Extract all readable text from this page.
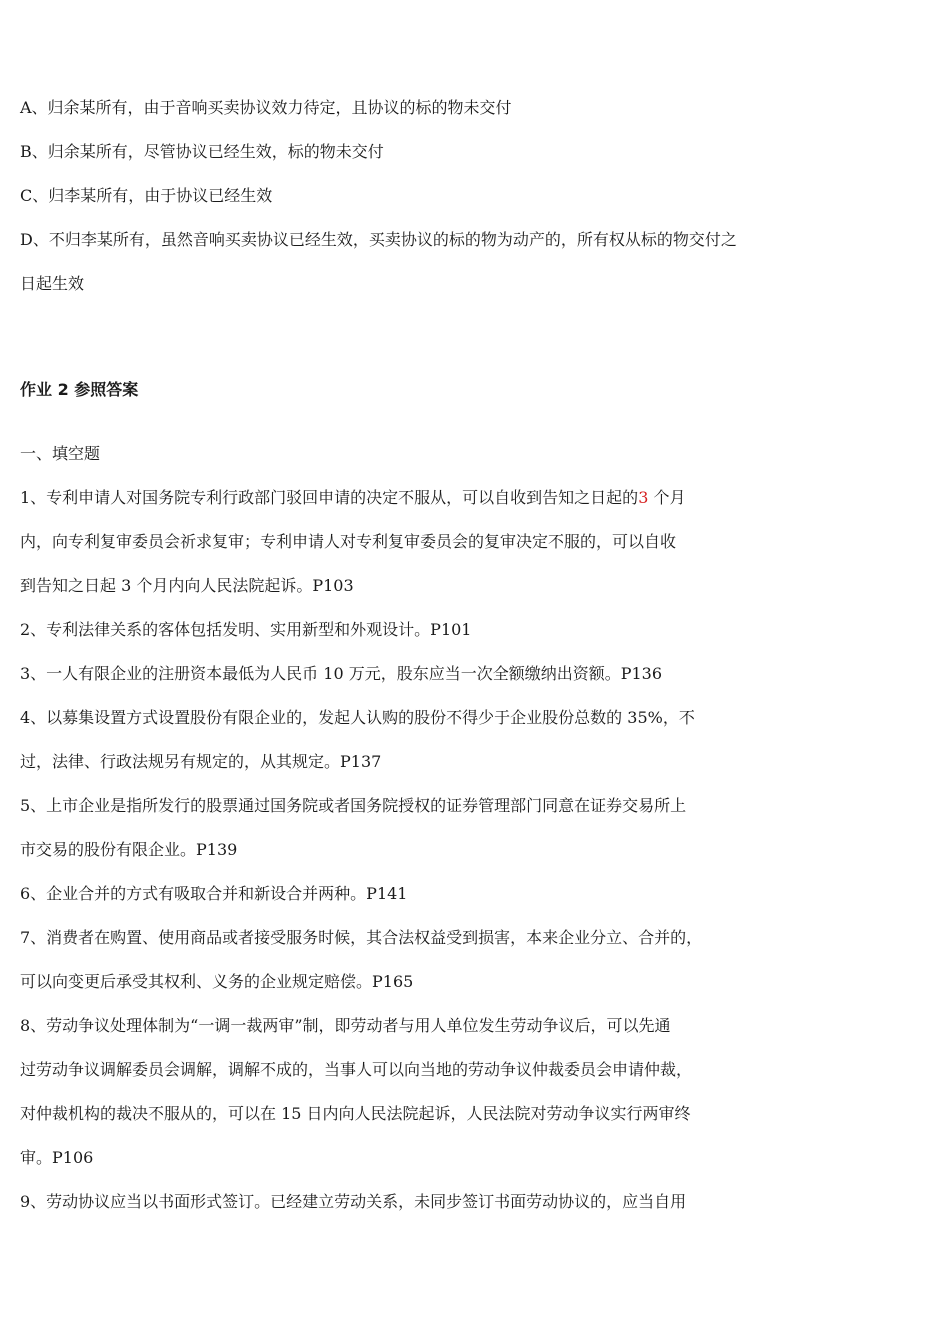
A、归余某所有，由于音响买卖协议效力待定，且协议的标的物未交付
B、归余某所有，尽管协议已经生效，标的物未交付
C、归李某所有，由于协议已经生效
D、不归李某所有，虽然音响买卖协议已经生效，买卖协议的标的物为动产的，所有权从标的物交付之
日起生效
作业 2 参照答案
一、填空题
1、专利申请人对国务院专利行政部门驳回申请的决定不服从，可以自收到告知之日起的3 个月
内，向专利复审委员会祈求复审；专利申请人对专利复审委员会的复审决定不服的，可以自收
到告知之日起 3 个月内向人民法院起诉。P103
2、专利法律关系的客体包括发明、实用新型和外观设计。P101
3、一人有限企业的注册资本最低为人民币 10 万元，股东应当一次全额缴纳出资额。P136
4、以募集设置方式设置股份有限企业的，发起人认购的股份不得少于企业股份总数的 35%，不
过，法律、行政法规另有规定的，从其规定。P137
5、上市企业是指所发行的股票通过国务院或者国务院授权的证券管理部门同意在证券交易所上
市交易的股份有限企业。P139
6、企业合并的方式有吸取合并和新设合并两种。P141
7、消费者在购置、使用商品或者接受服务时候，其合法权益受到损害，本来企业分立、合并的，
可以向变更后承受其权利、义务的企业规定赔偿。P165
8、劳动争议处理体制为“一调一裁两审”制，即劳动者与用人单位发生劳动争议后，可以先通
过劳动争议调解委员会调解，调解不成的，当事人可以向当地的劳动争议仲裁委员会申请仲裁，
对仲裁机构的裁决不服从的，可以在 15 日内向人民法院起诉，人民法院对劳动争议实行两审终
审。P106
9、劳动协议应当以书面形式签订。已经建立劳动关系，未同步签订书面劳动协议的，应当自用
